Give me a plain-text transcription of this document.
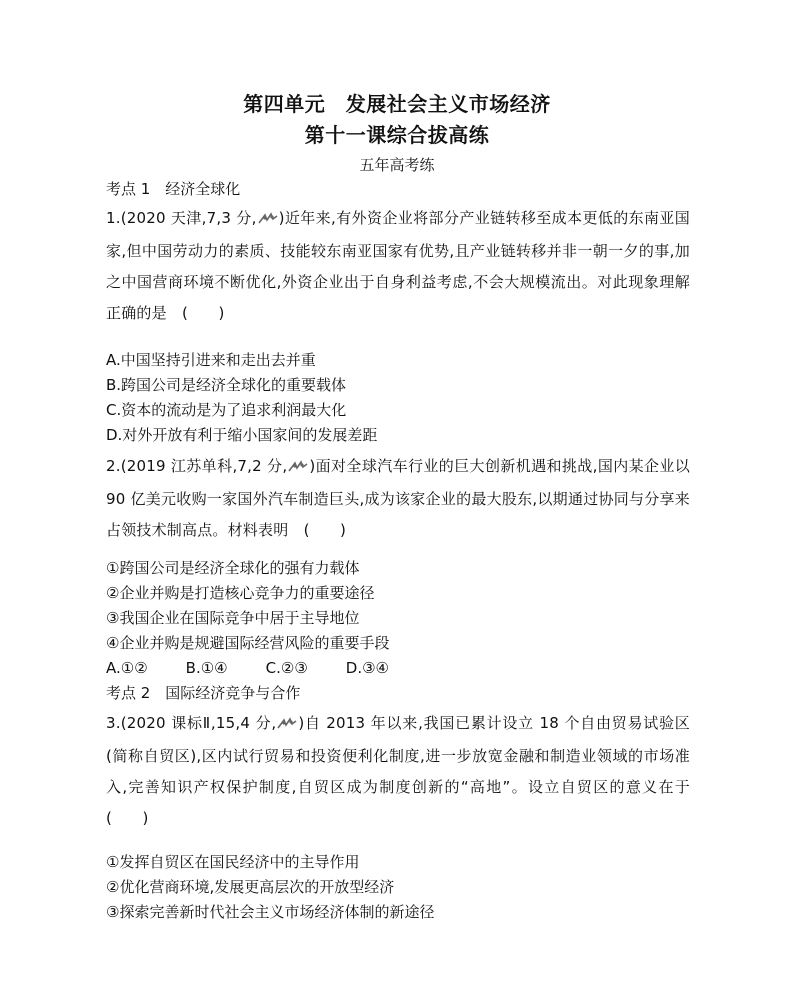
第四单元　发展社会主义市场经济
第十一课综合拔高练
五年高考练
考点 1　经济全球化
1.(2020 天津,7,3 分, )近年来,有外资企业将部分产业链转移至成本更低的东南亚国家,但中国劳动力的素质、技能较东南亚国家有优势,且产业链转移并非一朝一夕的事,加之中国营商环境不断优化,外资企业出于自身利益考虑,不会大规模流出。对此现象理解正确的是　(　　)
A.中国坚持引进来和走出去并重
B.跨国公司是经济全球化的重要载体
C.资本的流动是为了追求利润最大化
D.对外开放有利于缩小国家间的发展差距
2.(2019 江苏单科,7,2 分, )面对全球汽车行业的巨大创新机遇和挑战,国内某企业以 90 亿美元收购一家国外汽车制造巨头,成为该家企业的最大股东,以期通过协同与分享来占领技术制高点。材料表明　(　　)
①跨国公司是经济全球化的强有力载体
②企业并购是打造核心竞争力的重要途径
③我国企业在国际竞争中居于主导地位
④企业并购是规避国际经营风险的重要手段
A.①②	B.①④	C.②③	D.③④
考点 2　国际经济竞争与合作
3.(2020 课标Ⅱ,15,4 分, )自 2013 年以来,我国已累计设立 18 个自由贸易试验区(简称自贸区),区内试行贸易和投资便利化制度,进一步放宽金融和制造业领域的市场准入,完善知识产权保护制度,自贸区成为制度创新的“高地”。设立自贸区的意义在于(　　)
①发挥自贸区在国民经济中的主导作用
②优化营商环境,发展更高层次的开放型经济
③探索完善新时代社会主义市场经济体制的新途径
